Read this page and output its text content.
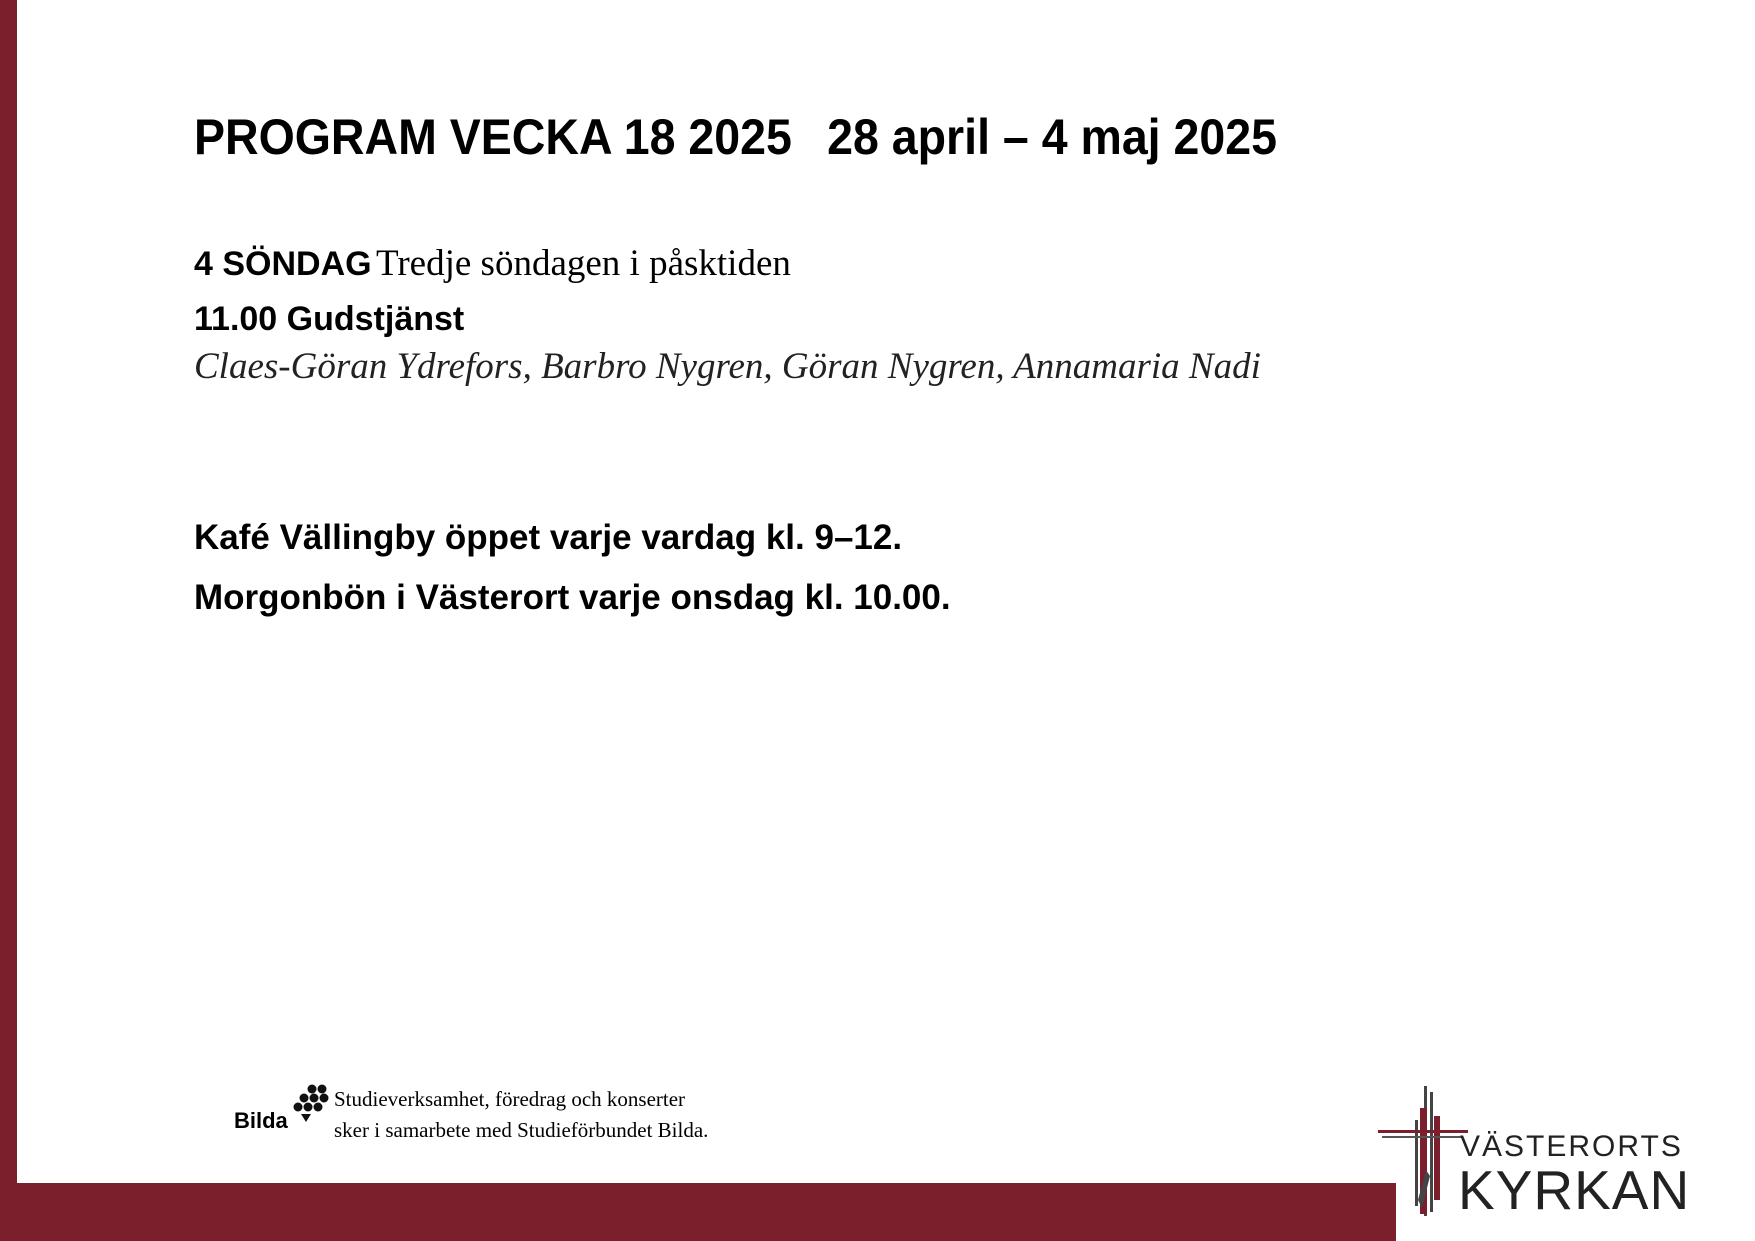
PROGRAM VECKA 18 2025 28 april – 4 maj 2025
4 SÖNDAG Tredje söndagen i påsktiden
11.00 Gudstjänst
Claes-Göran Ydrefors, Barbro Nygren, Göran Nygren, Annamaria Nadi
Kafé Vällingby öppet varje vardag kl. 9–12.
Morgonbön i Västerort varje onsdag kl. 10.00.
Bilda
Studieverksamhet, föredrag och konserter
sker i samarbete med Studieförbundet Bilda.	VÄSTERORTS
KYRKAN
